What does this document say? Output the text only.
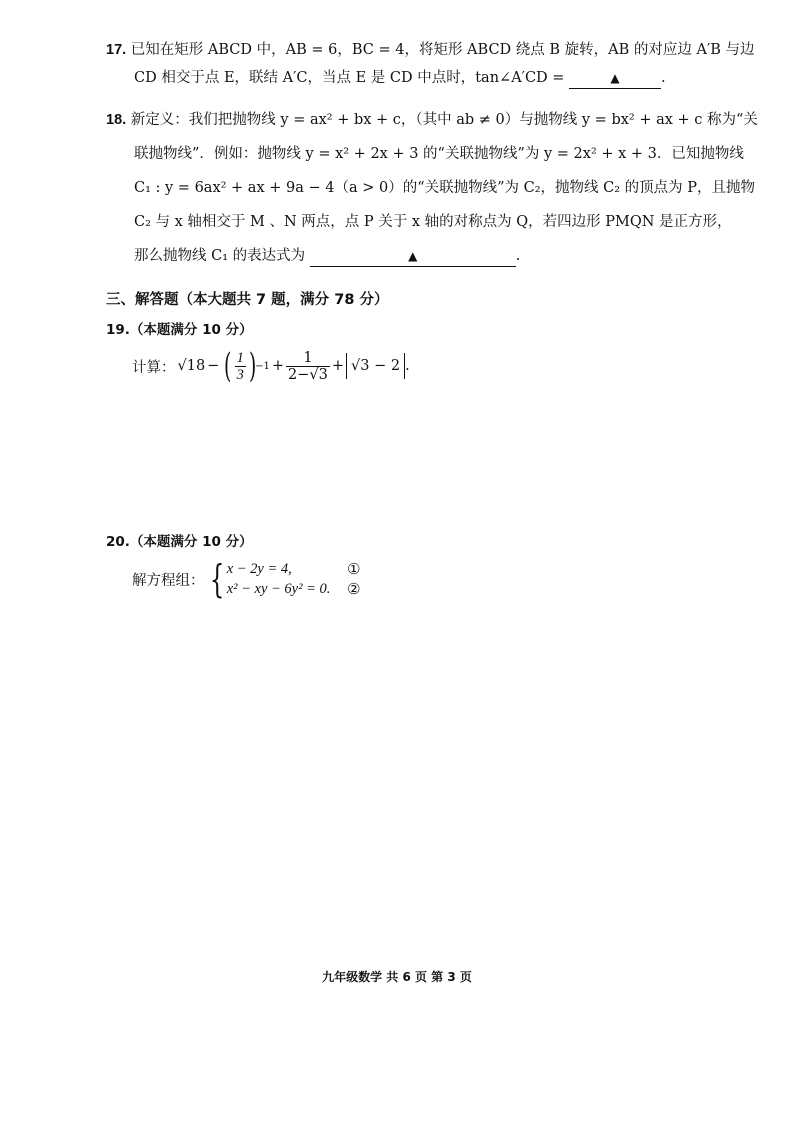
17. 已知在矩形 ABCD 中，AB = 6，BC = 4，将矩形 ABCD 绕点 B 旋转，AB 的对应边 A′B 与边
CD 相交于点 E，联结 A′C，当点 E 是 CD 中点时，tan∠A′CD =	▲	.
18. 新定义：我们把抛物线 y = ax² + bx + c，（其中 ab ≠ 0）与抛物线 y = bx² + ax + c 称为“关
联抛物线”．例如：抛物线 y = x² + 2x + 3 的“关联抛物线”为 y = 2x² + x + 3．已知抛物线
C₁ : y = 6ax² + ax + 9a − 4（a > 0）的“关联抛物线”为 C₂，抛物线 C₂ 的顶点为 P，且抛物
C₂ 与 x 轴相交于 M 、N 两点，点 P 关于 x 轴的对称点为 Q，若四边形 PMQN 是正方形，
那么抛物线 C₁ 的表达式为	▲	.
三、解答题（本大题共 7 题，满分 78 分）
19.（本题满分 10 分）
计算： √18 − ( $\frac{1}{3}$ )
$-1 + \frac{1}{2-√3} + √3 - 2$ .
20.（本题满分 10 分）
解方程组： { x − 2y = 4,	①
x² − xy − 6y² = 0.	②
九年级数学 共 6 页 第 3 页
